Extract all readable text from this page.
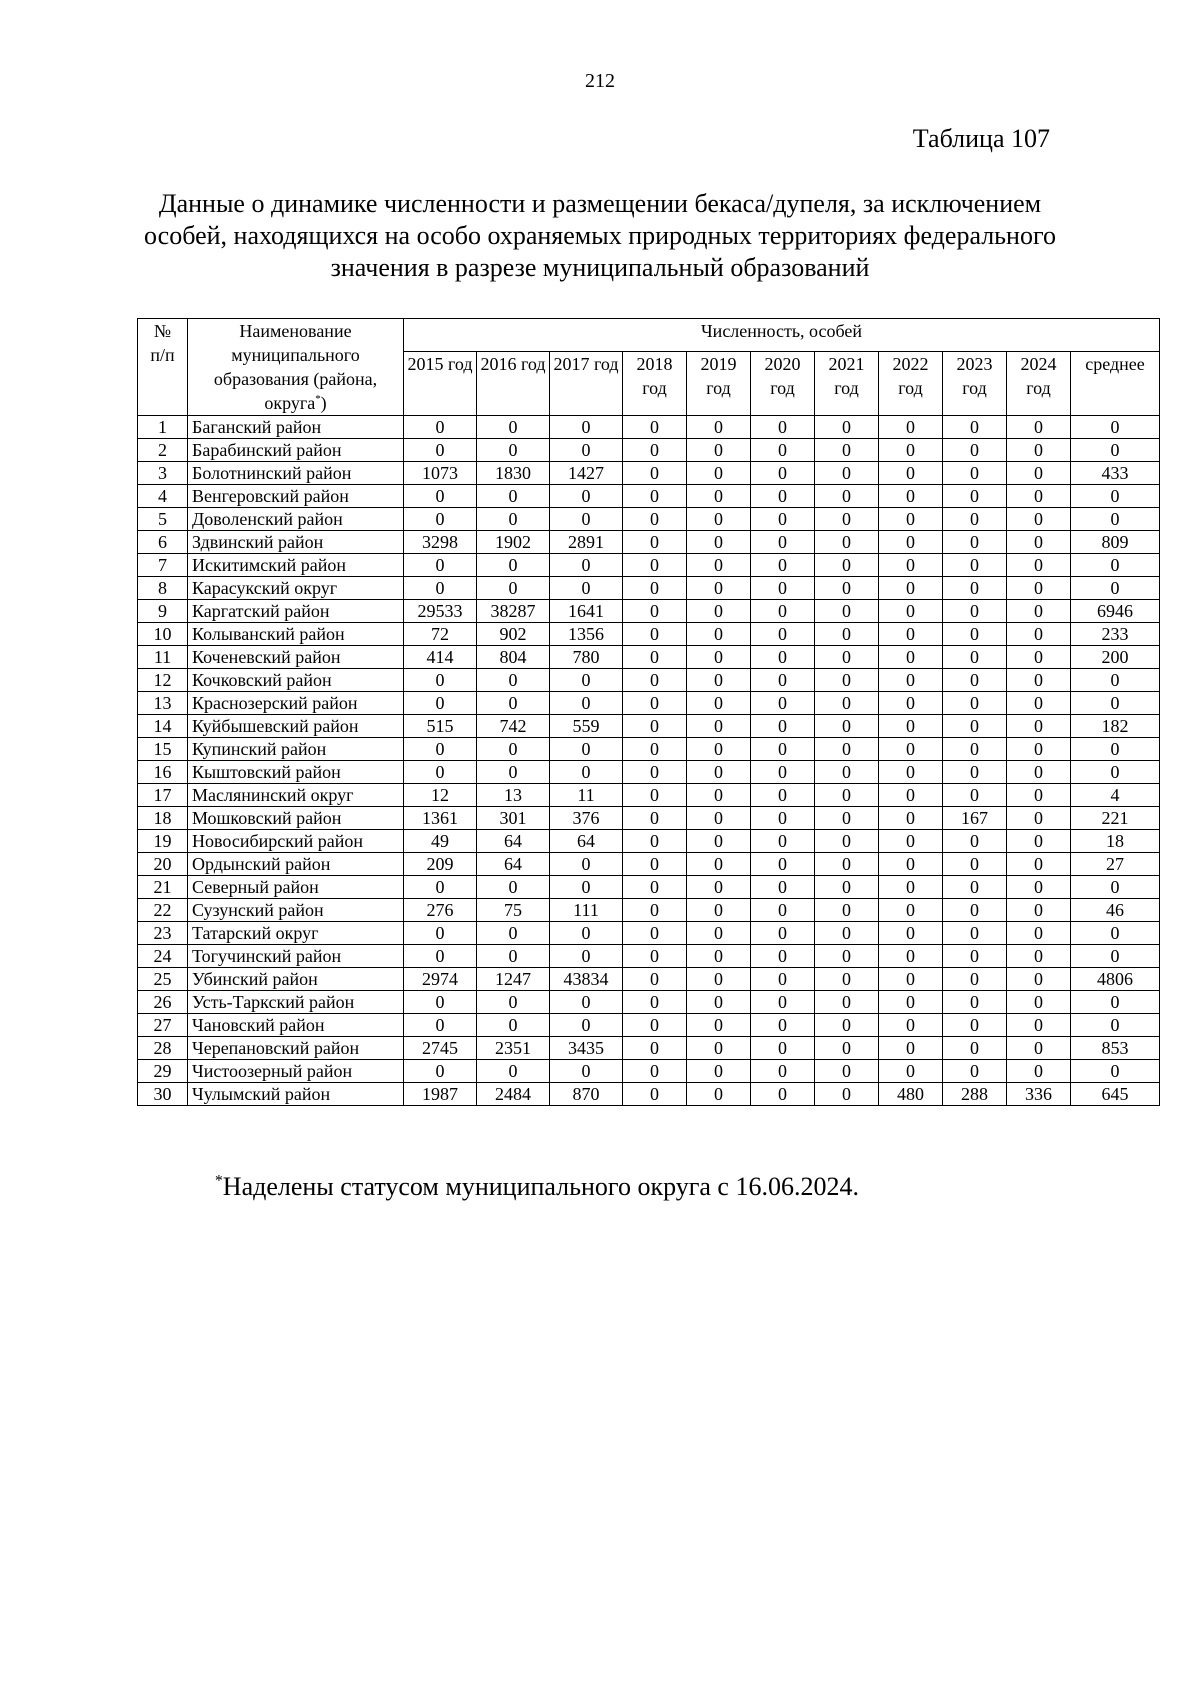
212
Таблица 107
Данные о динамике численности и размещении бекаса/дупеля, за исключением особей, находящихся на особо охраняемых природных территориях федерального значения в разрезе муниципальный образований
№
п/п	Наименование муниципального образования (района, округа*)	Численность, особей										
		2015 год	2016 год	2017 год	2018 год	2019 год	2020 год	2021 год	2022 год	2023 год	2024 год	среднее
1	Баганский район	0	0	0	0	0	0	0	0	0	0	0
2	Барабинский район	0	0	0	0	0	0	0	0	0	0	0
3	Болотнинский район	1073	1830	1427	0	0	0	0	0	0	0	433
4	Венгеровский район	0	0	0	0	0	0	0	0	0	0	0
5	Доволенский район	0	0	0	0	0	0	0	0	0	0	0
6	Здвинский район	3298	1902	2891	0	0	0	0	0	0	0	809
7	Искитимский район	0	0	0	0	0	0	0	0	0	0	0
8	Карасукский округ	0	0	0	0	0	0	0	0	0	0	0
9	Каргатский район	29533	38287	1641	0	0	0	0	0	0	0	6946
10	Колыванский район	72	902	1356	0	0	0	0	0	0	0	233
11	Коченевский район	414	804	780	0	0	0	0	0	0	0	200
12	Кочковский район	0	0	0	0	0	0	0	0	0	0	0
13	Краснозерский район	0	0	0	0	0	0	0	0	0	0	0
14	Куйбышевский район	515	742	559	0	0	0	0	0	0	0	182
15	Купинский район	0	0	0	0	0	0	0	0	0	0	0
16	Кыштовский район	0	0	0	0	0	0	0	0	0	0	0
17	Маслянинский округ	12	13	11	0	0	0	0	0	0	0	4
18	Мошковский район	1361	301	376	0	0	0	0	0	167	0	221
19	Новосибирский район	49	64	64	0	0	0	0	0	0	0	18
20	Ордынский район	209	64	0	0	0	0	0	0	0	0	27
21	Северный район	0	0	0	0	0	0	0	0	0	0	0
22	Сузунский район	276	75	111	0	0	0	0	0	0	0	46
23	Татарский округ	0	0	0	0	0	0	0	0	0	0	0
24	Тогучинский район	0	0	0	0	0	0	0	0	0	0	0
25	Убинский район	2974	1247	43834	0	0	0	0	0	0	0	4806
26	Усть-Таркский район	0	0	0	0	0	0	0	0	0	0	0
27	Чановский район	0	0	0	0	0	0	0	0	0	0	0
28	Черепановский район	2745	2351	3435	0	0	0	0	0	0	0	853
29	Чистоозерный район	0	0	0	0	0	0	0	0	0	0	0
30	Чулымский район	1987	2484	870	0	0	0	0	480	288	336	645
*Наделены статусом муниципального округа с 16.06.2024.
